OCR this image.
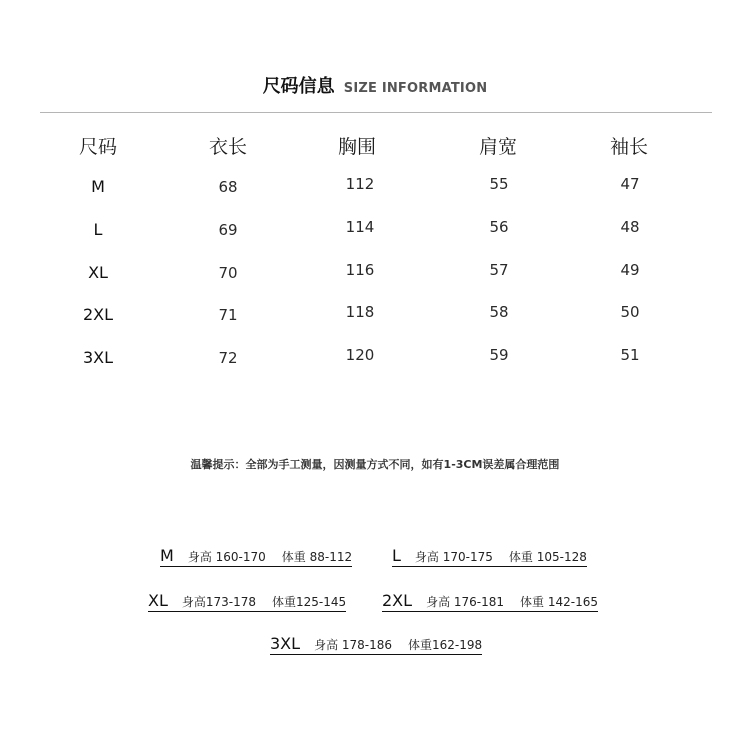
尺码信息 SIZE INFORMATION
尺码	衣长	胸围	肩宽	袖长
M	68	112	55	47
L	69	114	56	48
XL	70	116	57	49
2XL	71	118	58	50
3XL	72	120	59	51
温馨提示：全部为手工测量，因测量方式不同，如有1-3CM误差属合理范围
M 身高 160-170 体重 88-112 L 身高 170-175 体重 105-128
XL 身高173-178 体重125-145 2XL 身高 176-181 体重 142-165
3XL 身高 178-186 体重162-198
